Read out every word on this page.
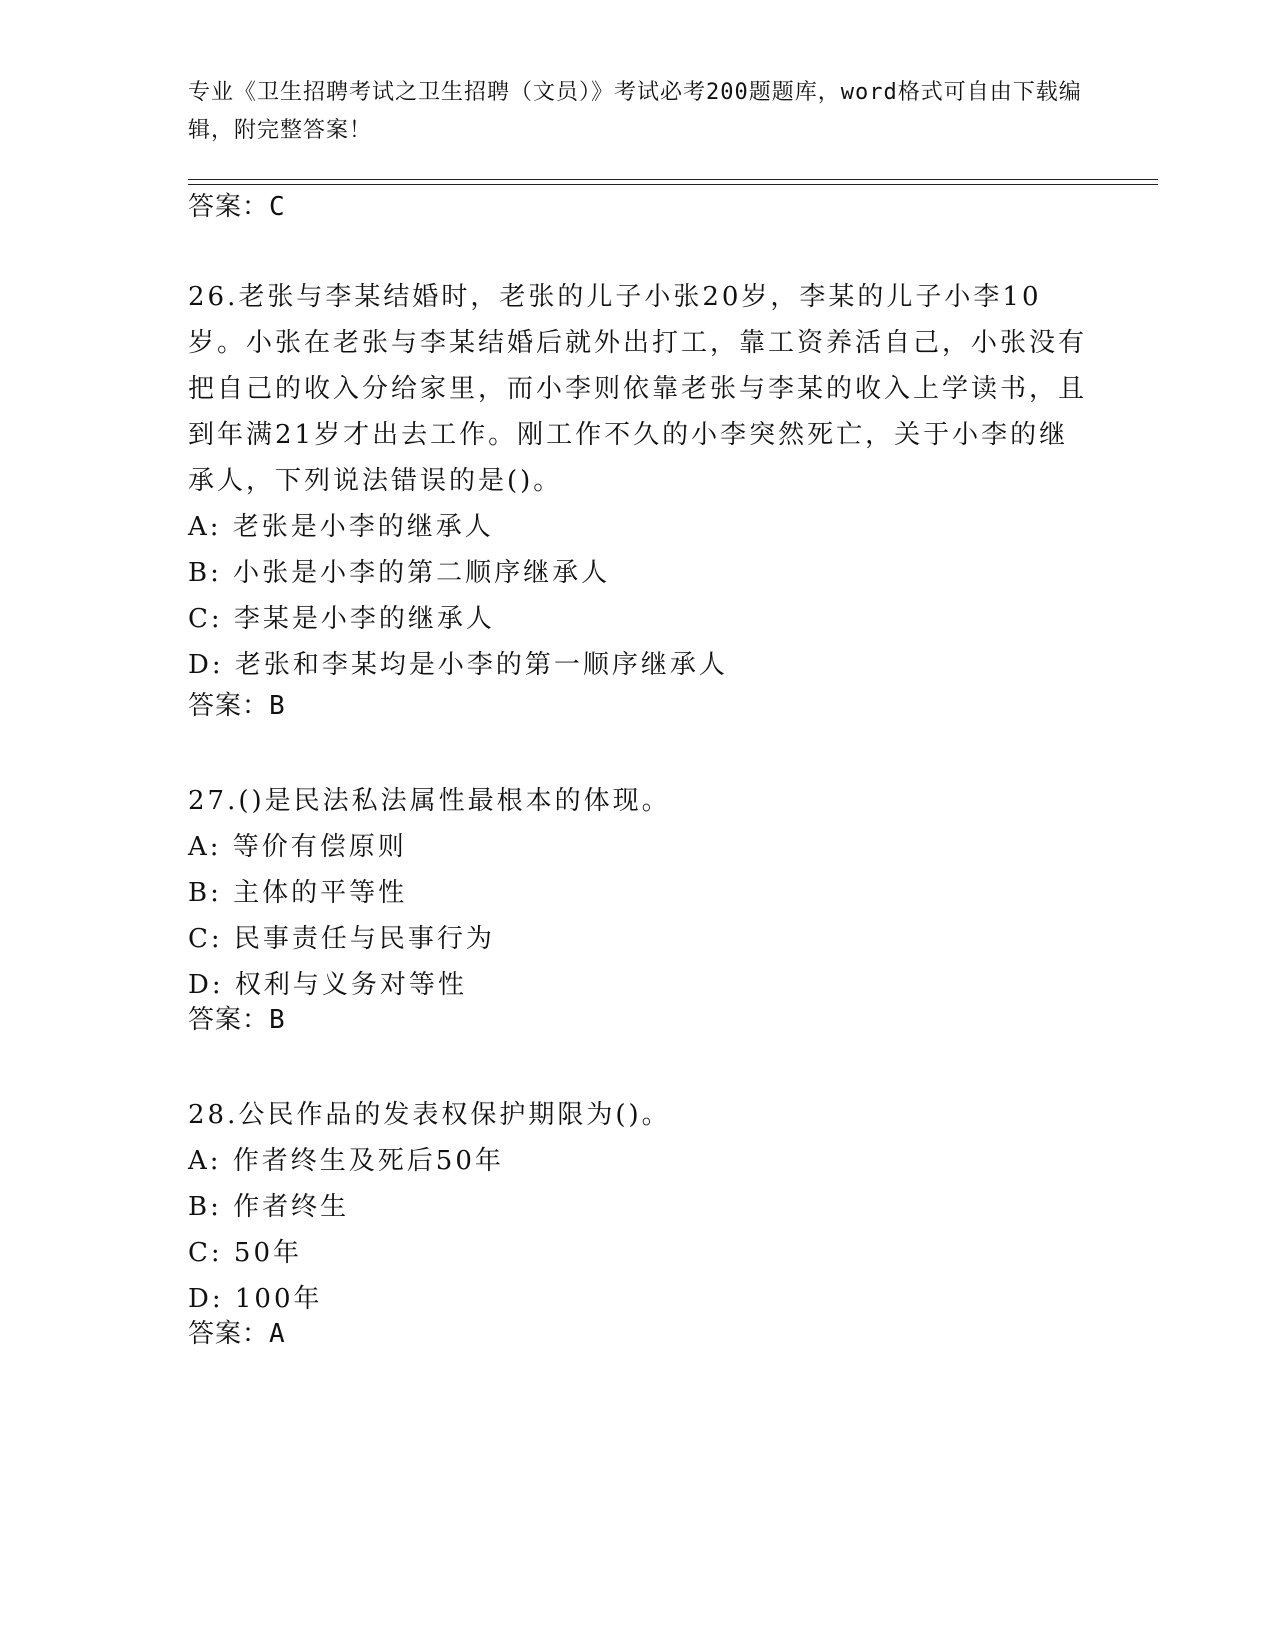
专业《卫生招聘考试之卫生招聘（文员）》考试必考200题题库，word格式可自由下载编辑，附完整答案！
答案：C

26.老张与李某结婚时，老张的儿子小张20岁，李某的儿子小李10岁。小张在老张与李某结婚后就外出打工，靠工资养活自己，小张没有把自己的收入分给家里，而小李则依靠老张与李某的收入上学读书，且到年满21岁才出去工作。刚工作不久的小李突然死亡，关于小李的继承人，下列说法错误的是()。

A: 老张是小李的继承人

B: 小张是小李的第二顺序继承人

C: 李某是小李的继承人

D: 老张和李某均是小李的第一顺序继承人

答案：B

27.()是民法私法属性最根本的体现。

A: 等价有偿原则

B: 主体的平等性

C: 民事责任与民事行为

D: 权利与义务对等性

答案：B

28.公民作品的发表权保护期限为()。

A: 作者终生及死后50年

B: 作者终生

C: 50年

D: 100年

答案：A
